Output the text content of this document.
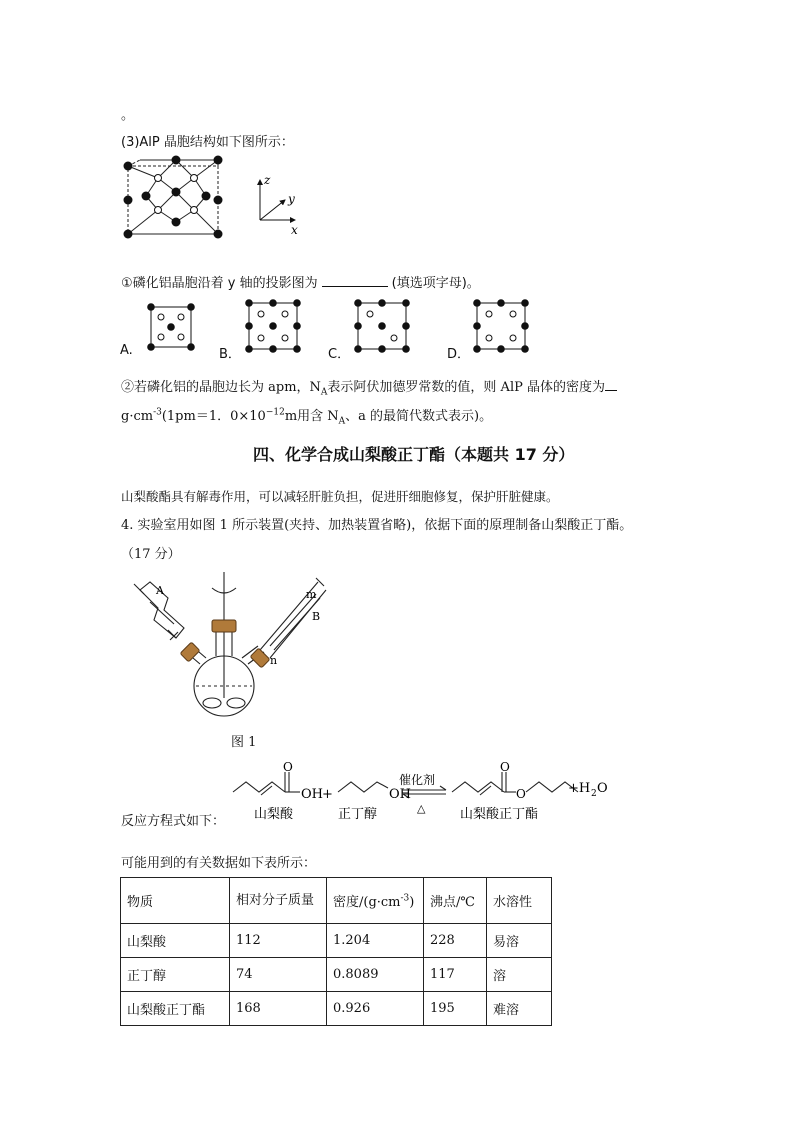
。
(3)AlP 晶胞结构如下图所示：
z
y
x
①磷化铝晶胞沿着 y 轴的投影图为	(填选项字母)。
A.	B．	C．	D．
②若磷化铝的晶胞边长为 apm，$N_A$表示阿伏加德罗常数的值，则 AlP 晶体的密度为
$g\cdot cm^{-3}(1pm=1$．$0\times 10^{-12}m$用含 $N_A$、a 的最简代数式表示)。
四、化学合成山梨酸正丁酯（本题共 17 分）
山梨酸酯具有解毒作用，可以减轻肝脏负担，促进肝细胞修复，保护肝脏健康。
4. 实验室用如图 1 所示装置(夹持、加热装置省略)，依据下面的原理制备山梨酸正丁酯。
（17 分）
A	m
B
n
图 1
反应方程式如下：
O
OH +	OH
催化剂
△
O
O	+H 2 O
山梨酸	正丁醇	山梨酸正丁酯
可能用到的有关数据如下表所示：
物质	相对分子质量	密度$/(g\cdot cm^{-3})$	沸点/℃	水溶性
山梨酸	112	1.204	228	易溶
正丁醇	74	0.8089	117	溶
山梨酸正丁酯	168	0.926	195	难溶
